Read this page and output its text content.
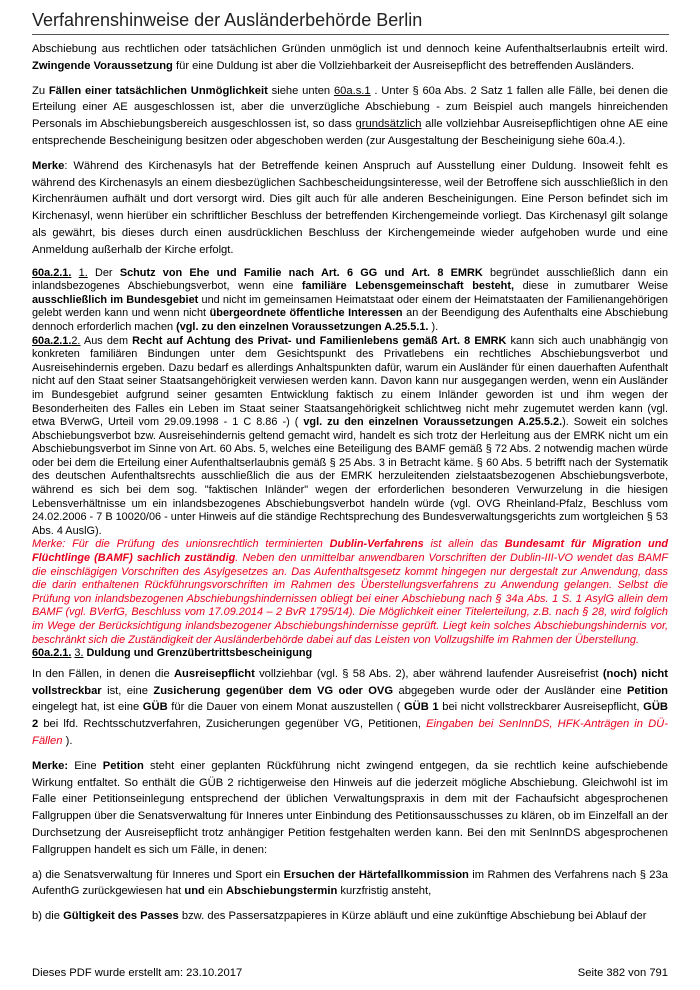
Verfahrenshinweise der Ausländerbehörde Berlin

Abschiebung aus rechtlichen oder tatsächlichen Gründen unmöglich ist und dennoch keine Aufenthaltserlaubnis erteilt wird. Zwingende Voraussetzung für eine Duldung ist aber die Vollziehbarkeit der Ausreisepflicht des betreffenden Ausländers.

Zu Fällen einer tatsächlichen Unmöglichkeit siehe unten 60a.s.1 . Unter § 60a Abs. 2 Satz 1 fallen alle Fälle, bei denen die Erteilung einer AE ausgeschlossen ist, aber die unverzügliche Abschiebung - zum Beispiel auch mangels hinreichenden Personals im Abschiebungsbereich ausgeschlossen ist, so dass grundsätzlich alle vollziehbar Ausreisepflichtigen ohne AE eine entsprechende Bescheinigung besitzen oder abgeschoben werden (zur Ausgestaltung der Bescheinigung siehe 60a.4.).

Merke: Während des Kirchenasyls hat der Betreffende keinen Anspruch auf Ausstellung einer Duldung. Insoweit fehlt es während des Kirchenasyls an einem diesbezüglichen Sachbescheidungsinteresse, weil der Betroffene sich ausschließlich in den Kirchenräumen aufhält und dort versorgt wird. Dies gilt auch für alle anderen Bescheinigungen. Eine Person befindet sich im Kirchenasyl, wenn hierüber ein schriftlicher Beschluss der betreffenden Kirchengemeinde vorliegt. Das Kirchenasyl gilt solange als gewährt, bis dieses durch einen ausdrücklichen Beschluss der Kirchengemeinde wieder aufgehoben wurde und eine Anmeldung außerhalb der Kirche erfolgt.

60a.2.1. 1. Der Schutz von Ehe und Familie nach Art. 6 GG und Art. 8 EMRK begründet ausschließlich dann ein inlandsbezogenes Abschiebungsverbot, wenn eine familiäre Lebensgemeinschaft besteht, diese in zumutbarer Weise ausschließlich im Bundesgebiet und nicht im gemeinsamen Heimatstaat oder einem der Heimatstaaten der Familienangehörigen gelebt werden kann und wenn nicht übergeordnete öffentliche Interessen an der Beendigung des Aufenthalts eine Abschiebung dennoch erforderlich machen (vgl. zu den einzelnen Voraussetzungen A.25.5.1. ).

60a.2.1.2. Aus dem Recht auf Achtung des Privat- und Familienlebens gemäß Art. 8 EMRK kann sich auch unabhängig von konkreten familiären Bindungen unter dem Gesichtspunkt des Privatlebens ein rechtliches Abschiebungsverbot und Ausreisehindernis ergeben. Dazu bedarf es allerdings Anhaltspunkten dafür, warum ein Ausländer für einen dauerhaften Aufenthalt nicht auf den Staat seiner Staatsangehörigkeit verwiesen werden kann. Davon kann nur ausgegangen werden, wenn ein Ausländer im Bundesgebiet aufgrund seiner gesamten Entwicklung faktisch zu einem Inländer geworden ist und ihm wegen der Besonderheiten des Falles ein Leben im Staat seiner Staatsangehörigkeit schlichtweg nicht mehr zugemutet werden kann (vgl. etwa BVerwG, Urteil vom 29.09.1998 - 1 C 8.86 -) ( vgl. zu den einzelnen Voraussetzungen A.25.5.2.). Soweit ein solches Abschiebungsverbot bzw. Ausreisehindernis geltend gemacht wird, handelt es sich trotz der Herleitung aus der EMRK nicht um ein Abschiebungsverbot im Sinne von Art. 60 Abs. 5, welches eine Beteiligung des BAMF gemäß § 72 Abs. 2 notwendig machen würde oder bei dem die Erteilung einer Aufenthaltserlaubnis gemäß § 25 Abs. 3 in Betracht käme. § 60 Abs. 5 betrifft nach der Systematik des deutschen Aufenthaltsrechts ausschließlich die aus der EMRK herzuleitenden zielstaatsbezogenen Abschiebungsverbote, während es sich bei dem sog. "faktischen Inländer" wegen der erforderlichen besonderen Verwurzelung in die hiesigen Lebensverhältnisse um ein inlandsbezogenes Abschiebungsverbot handeln würde (vgl. OVG Rheinland-Pfalz, Beschluss vom 24.02.2006 - 7 B 10020/06 - unter Hinweis auf die ständige Rechtsprechung des Bundesverwaltungsgerichts zum wortgleichen § 53 Abs. 4 AuslG).

Merke: Für die Prüfung des unionsrechtlich terminierten Dublin-Verfahrens ist allein das Bundesamt für Migration und Flüchtlinge (BAMF) sachlich zuständig. Neben den unmittelbar anwendbaren Vorschriften der Dublin-III-VO wendet das BAMF die einschlägigen Vorschriften des Asylgesetzes an. Das Aufenthaltsgesetz kommt hingegen nur dergestalt zur Anwendung, dass die darin enthaltenen Rückführungsvorschriften im Rahmen des Überstellungsverfahrens zu Anwendung gelangen. Selbst die Prüfung von inlandsbezogenen Abschiebungshindernissen obliegt bei einer Abschiebung nach § 34a Abs. 1 S. 1 AsylG allein dem BAMF (vgl. BVerfG, Beschluss vom 17.09.2014 – 2 BvR 1795/14). Die Möglichkeit einer Titelerteilung, z.B. nach § 28, wird folglich im Wege der Berücksichtigung inlandsbezogener Abschiebungshindernisse geprüft. Liegt kein solches Abschiebungshindernis vor, beschränkt sich die Zuständigkeit der Ausländerbehörde dabei auf das Leisten von Vollzugshilfe im Rahmen der Überstellung.

60a.2.1. 3. Duldung und Grenzübertrittsbescheinigung

In den Fällen, in denen die Ausreisepflicht vollziehbar (vgl. § 58 Abs. 2), aber während laufender Ausreisefrist (noch) nicht vollstreckbar ist, eine Zusicherung gegenüber dem VG oder OVG abgegeben wurde oder der Ausländer eine Petition eingelegt hat, ist eine GÜB für die Dauer von einem Monat auszustellen ( GÜB 1 bei nicht vollstreckbarer Ausreisepflicht, GÜB 2 bei lfd. Rechtsschutzverfahren, Zusicherungen gegenüber VG, Petitionen, Eingaben bei SenInnDS, HFK-Anträgen in DÜ-Fällen ).

Merke: Eine Petition steht einer geplanten Rückführung nicht zwingend entgegen, da sie rechtlich keine aufschiebende Wirkung entfaltet. So enthält die GÜB 2 richtigerweise den Hinweis auf die jederzeit mögliche Abschiebung. Gleichwohl ist im Falle einer Petitionseinlegung entsprechend der üblichen Verwaltungspraxis in dem mit der Fachaufsicht abgesprochenen Fallgruppen über die Senatsverwaltung für Inneres unter Einbindung des Petitionsausschusses zu klären, ob im Einzelfall an der Durchsetzung der Ausreisepflicht trotz anhängiger Petition festgehalten werden kann. Bei den mit SenInnDS abgesprochenen Fallgruppen handelt es sich um Fälle, in denen:

a) die Senatsverwaltung für Inneres und Sport ein Ersuchen der Härtefallkommission im Rahmen des Verfahrens nach § 23a AufenthG zurückgewiesen hat und ein Abschiebungstermin kurzfristig ansteht,

b) die Gültigkeit des Passes bzw. des Passersatzpapieres in Kürze abläuft und eine zukünftige Abschiebung bei Ablauf der

Dieses PDF wurde erstellt am: 23.10.2017	Seite 382 von 791
